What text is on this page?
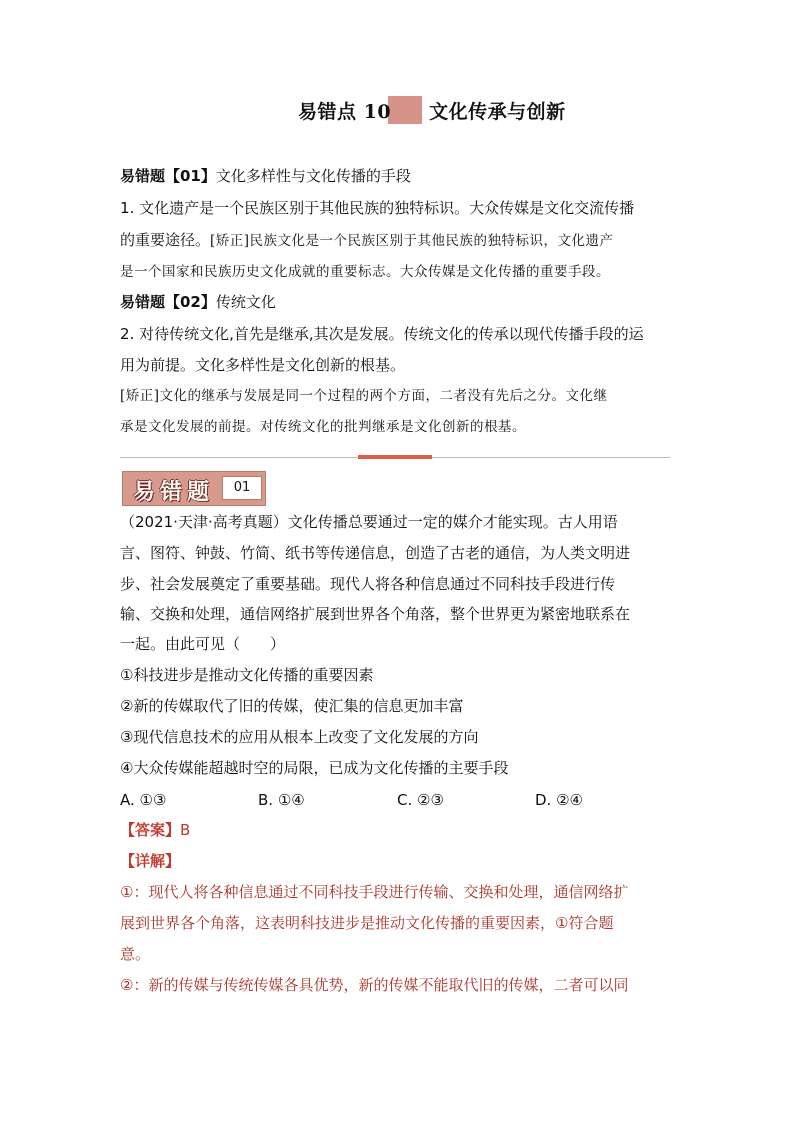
易错点 10 文化传承与创新
易错题【01】文化多样性与文化传播的手段
1. 文化遗产是一个民族区别于其他民族的独特标识。大众传媒是文化交流传播
的重要途径。[矫正]民族文化是一个民族区别于其他民族的独特标识，文化遗产
是一个国家和民族历史文化成就的重要标志。大众传媒是文化传播的重要手段。
易错题【02】传统文化
2. 对待传统文化,首先是继承,其次是发展。传统文化的传承以现代传播手段的运
用为前提。文化多样性是文化创新的根基。
[矫正]文化的继承与发展是同一个过程的两个方面，二者没有先后之分。文化继
承是文化发展的前提。对传统文化的批判继承是文化创新的根基。
易错题	01
（2021·天津·高考真题）文化传播总要通过一定的媒介才能实现。古人用语
言、图符、钟鼓、竹简、纸书等传递信息，创造了古老的通信，为人类文明进
步、社会发展奠定了重要基础。现代人将各种信息通过不同科技手段进行传
输、交换和处理，通信网络扩展到世界各个角落，整个世界更为紧密地联系在
一起。由此可见（　　）
①科技进步是推动文化传播的重要因素
②新的传媒取代了旧的传媒，使汇集的信息更加丰富
③现代信息技术的应用从根本上改变了文化发展的方向
④大众传媒能超越时空的局限，已成为文化传播的主要手段
A. ①③	B. ①④	C. ②③	D. ②④
【答案】B
【详解】
①：现代人将各种信息通过不同科技手段进行传输、交换和处理，通信网络扩
展到世界各个角落，这表明科技进步是推动文化传播的重要因素，①符合题
意。
②：新的传媒与传统传媒各具优势，新的传媒不能取代旧的传媒，二者可以同
